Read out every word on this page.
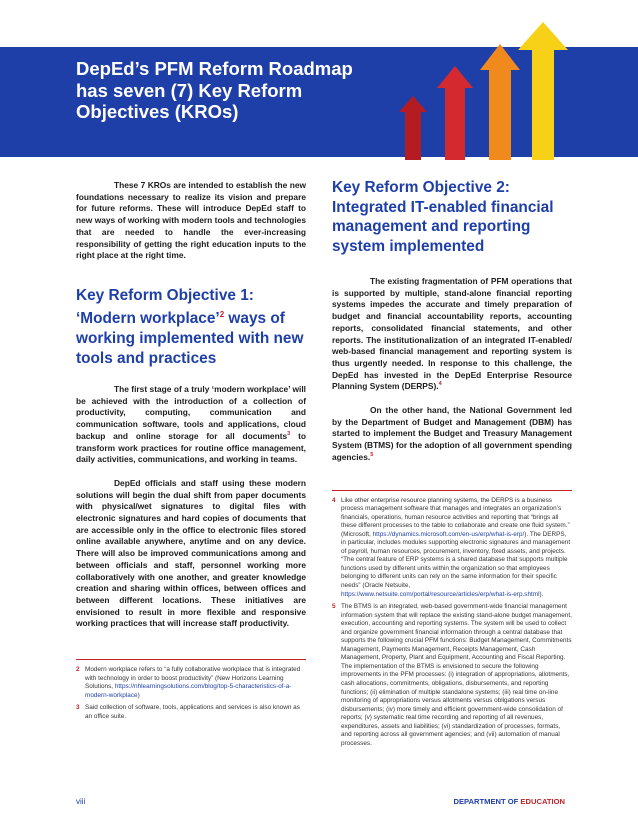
DepEd’s PFM Reform Roadmap has seven (7) Key Reform Objectives (KROs)

These 7 KROs are intended to establish the new foundations necessary to realize its vision and prepare for future reforms. These will introduce DepEd staff to new ways of working with modern tools and technologies that are needed to handle the ever-increasing responsibility of getting the right education inputs to the right place at the right time.

Key Reform Objective 1: ‘Modern workplace’$^2$ ways of working implemented with new tools and practices

The first stage of a truly ‘modern workplace’ will be achieved with the introduction of a collection of productivity, computing, communication and communication software, tools and applications, cloud backup and online storage for all documents$^3$ to transform work practices for routine office management, daily activities, communications, and working in teams.

DepEd officials and staff using these modern solutions will begin the dual shift from paper documents with physical/wet signatures to digital files with electronic signatures and hard copies of documents that are accessible only in the office to electronic files stored online available anywhere, anytime and on any device. There will also be improved communications among and between officials and staff, personnel working more collaboratively with one another, and greater knowledge creation and sharing within offices, between offices and between different locations. These initiatives are envisioned to result in more flexible and responsive working practices that will increase staff productivity.

2 Modern workplace refers to “a fully collaborative workplace that is integrated with technology in order to boost productivity” (New Horizons Learning Solutions, https://nhlearningsolutions.com/blog/top-5-characteristics-of-a-modern-workplace)
3 Said collection of software, tools, applications and services is also known as an office suite.
Key Reform Objective 2: Integrated IT-enabled financial management and reporting system implemented

The existing fragmentation of PFM operations that is supported by multiple, stand-alone financial reporting systems impedes the accurate and timely preparation of budget and financial accountability reports, accounting reports, consolidated financial statements, and other reports. The institutionalization of an integrated IT-enabled/ web-based financial management and reporting system is thus urgently needed. In response to this challenge, the DepEd has invested in the DepEd Enterprise Resource Planning System (DERPS).$^4$

On the other hand, the National Government led by the Department of Budget and Management (DBM) has started to implement the Budget and Treasury Management System (BTMS) for the adoption of all government spending agencies.$^5$

4 Like other enterprise resource planning systems, the DERPS is a business process management software that manages and integrates an organization’s financials, operations, human resource activities and reporting that “brings all these different processes to the table to collaborate and create one fluid system.” (Microsoft, https://dynamics.microsoft.com/en-us/erp/what-is-erp/). The DERPS, in particular, includes modules supporting electronic signatures and management of payroll, human resources, procurement, inventory, fixed assets, and projects. “The central feature of ERP systems is a shared database that supports multiple functions used by different units within the organization so that employees belonging to different units can rely on the same information for their specific needs” (Oracle Netsuite, https://www.netsuite.com/portal/resource/articles/erp/what-is-erp.shtml).
5 The BTMS is an integrated, web-based government-wide financial management information system that will replace the existing stand-alone budget management, execution, accounting and reporting systems. The system will be used to collect and organize government financial information through a central database that supports the following crucial PFM functions: Budget Management, Commitments Management, Payments Management, Receipts Management, Cash Management, Property, Plant and Equipment, Accounting and Fiscal Reporting. The implementation of the BTMS is envisioned to secure the following improvements in the PFM processes: (i) integration of appropriations, allotments, cash allocations, commitments, obligations, disbursements, and reporting functions; (ii) elimination of multiple standalone systems; (iii) real time on-line monitoring of appropriations versus allotments versus obligations versus disbursements; (iv) more timely and efficient government-wide consolidation of reports; (v) systematic real time recording and reporting of all revenues, expenditures, assets and liabilities; (vi) standardization of processes, formats, and reporting across all government agencies; and (vii) automation of manual processes.
viii	DEPARTMENT OF EDUCATION
